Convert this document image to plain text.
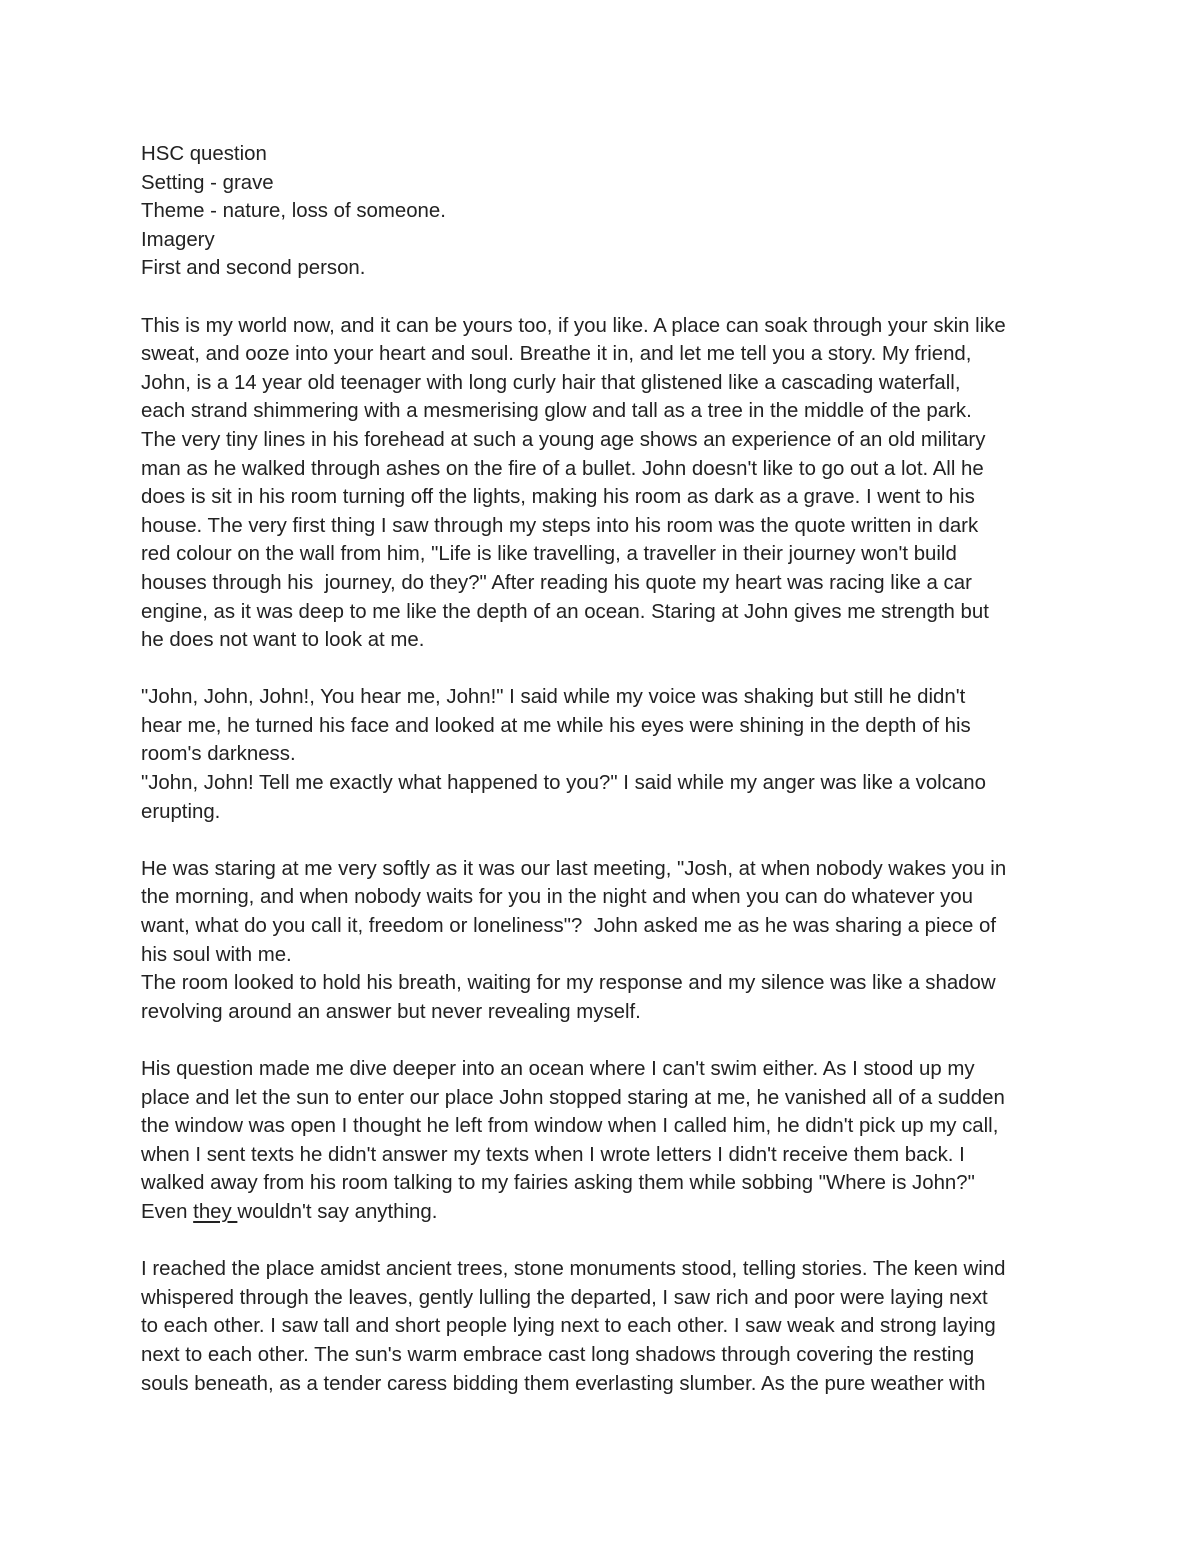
HSC question
Setting - grave
Theme - nature, loss of someone.
Imagery
First and second person.
This is my world now, and it can be yours too, if you like. A place can soak through your skin like
sweat, and ooze into your heart and soul. Breathe it in, and let me tell you a story. My friend,
John, is a 14 year old teenager with long curly hair that glistened like a cascading waterfall,
each strand shimmering with a mesmerising glow and tall as a tree in the middle of the park.
The very tiny lines in his forehead at such a young age shows an experience of an old military
man as he walked through ashes on the fire of a bullet. John doesn't like to go out a lot. All he
does is sit in his room turning off the lights, making his room as dark as a grave. I went to his
house. The very first thing I saw through my steps into his room was the quote written in dark
red colour on the wall from him, "Life is like travelling, a traveller in their journey won't build
houses through his  journey, do they?" After reading his quote my heart was racing like a car
engine, as it was deep to me like the depth of an ocean. Staring at John gives me strength but
he does not want to look at me.
"John, John, John!, You hear me, John!" I said while my voice was shaking but still he didn't
hear me, he turned his face and looked at me while his eyes were shining in the depth of his
room's darkness.
"John, John! Tell me exactly what happened to you?" I said while my anger was like a volcano
erupting.
He was staring at me very softly as it was our last meeting, "Josh, at when nobody wakes you in
the morning, and when nobody waits for you in the night and when you can do whatever you
want, what do you call it, freedom or loneliness"?  John asked me as he was sharing a piece of
his soul with me.
The room looked to hold his breath, waiting for my response and my silence was like a shadow
revolving around an answer but never revealing myself.
His question made me dive deeper into an ocean where I can't swim either. As I stood up my
place and let the sun to enter our place John stopped staring at me, he vanished all of a sudden
the window was open I thought he left from window when I called him, he didn't pick up my call,
when I sent texts he didn't answer my texts when I wrote letters I didn't receive them back. I
walked away from his room talking to my fairies asking them while sobbing "Where is John?"
Even they wouldn't say anything.
I reached the place amidst ancient trees, stone monuments stood, telling stories. The keen wind
whispered through the leaves, gently lulling the departed, I saw rich and poor were laying next
to each other. I saw tall and short people lying next to each other. I saw weak and strong laying
next to each other. The sun's warm embrace cast long shadows through covering the resting
souls beneath, as a tender caress bidding them everlasting slumber. As the pure weather with
